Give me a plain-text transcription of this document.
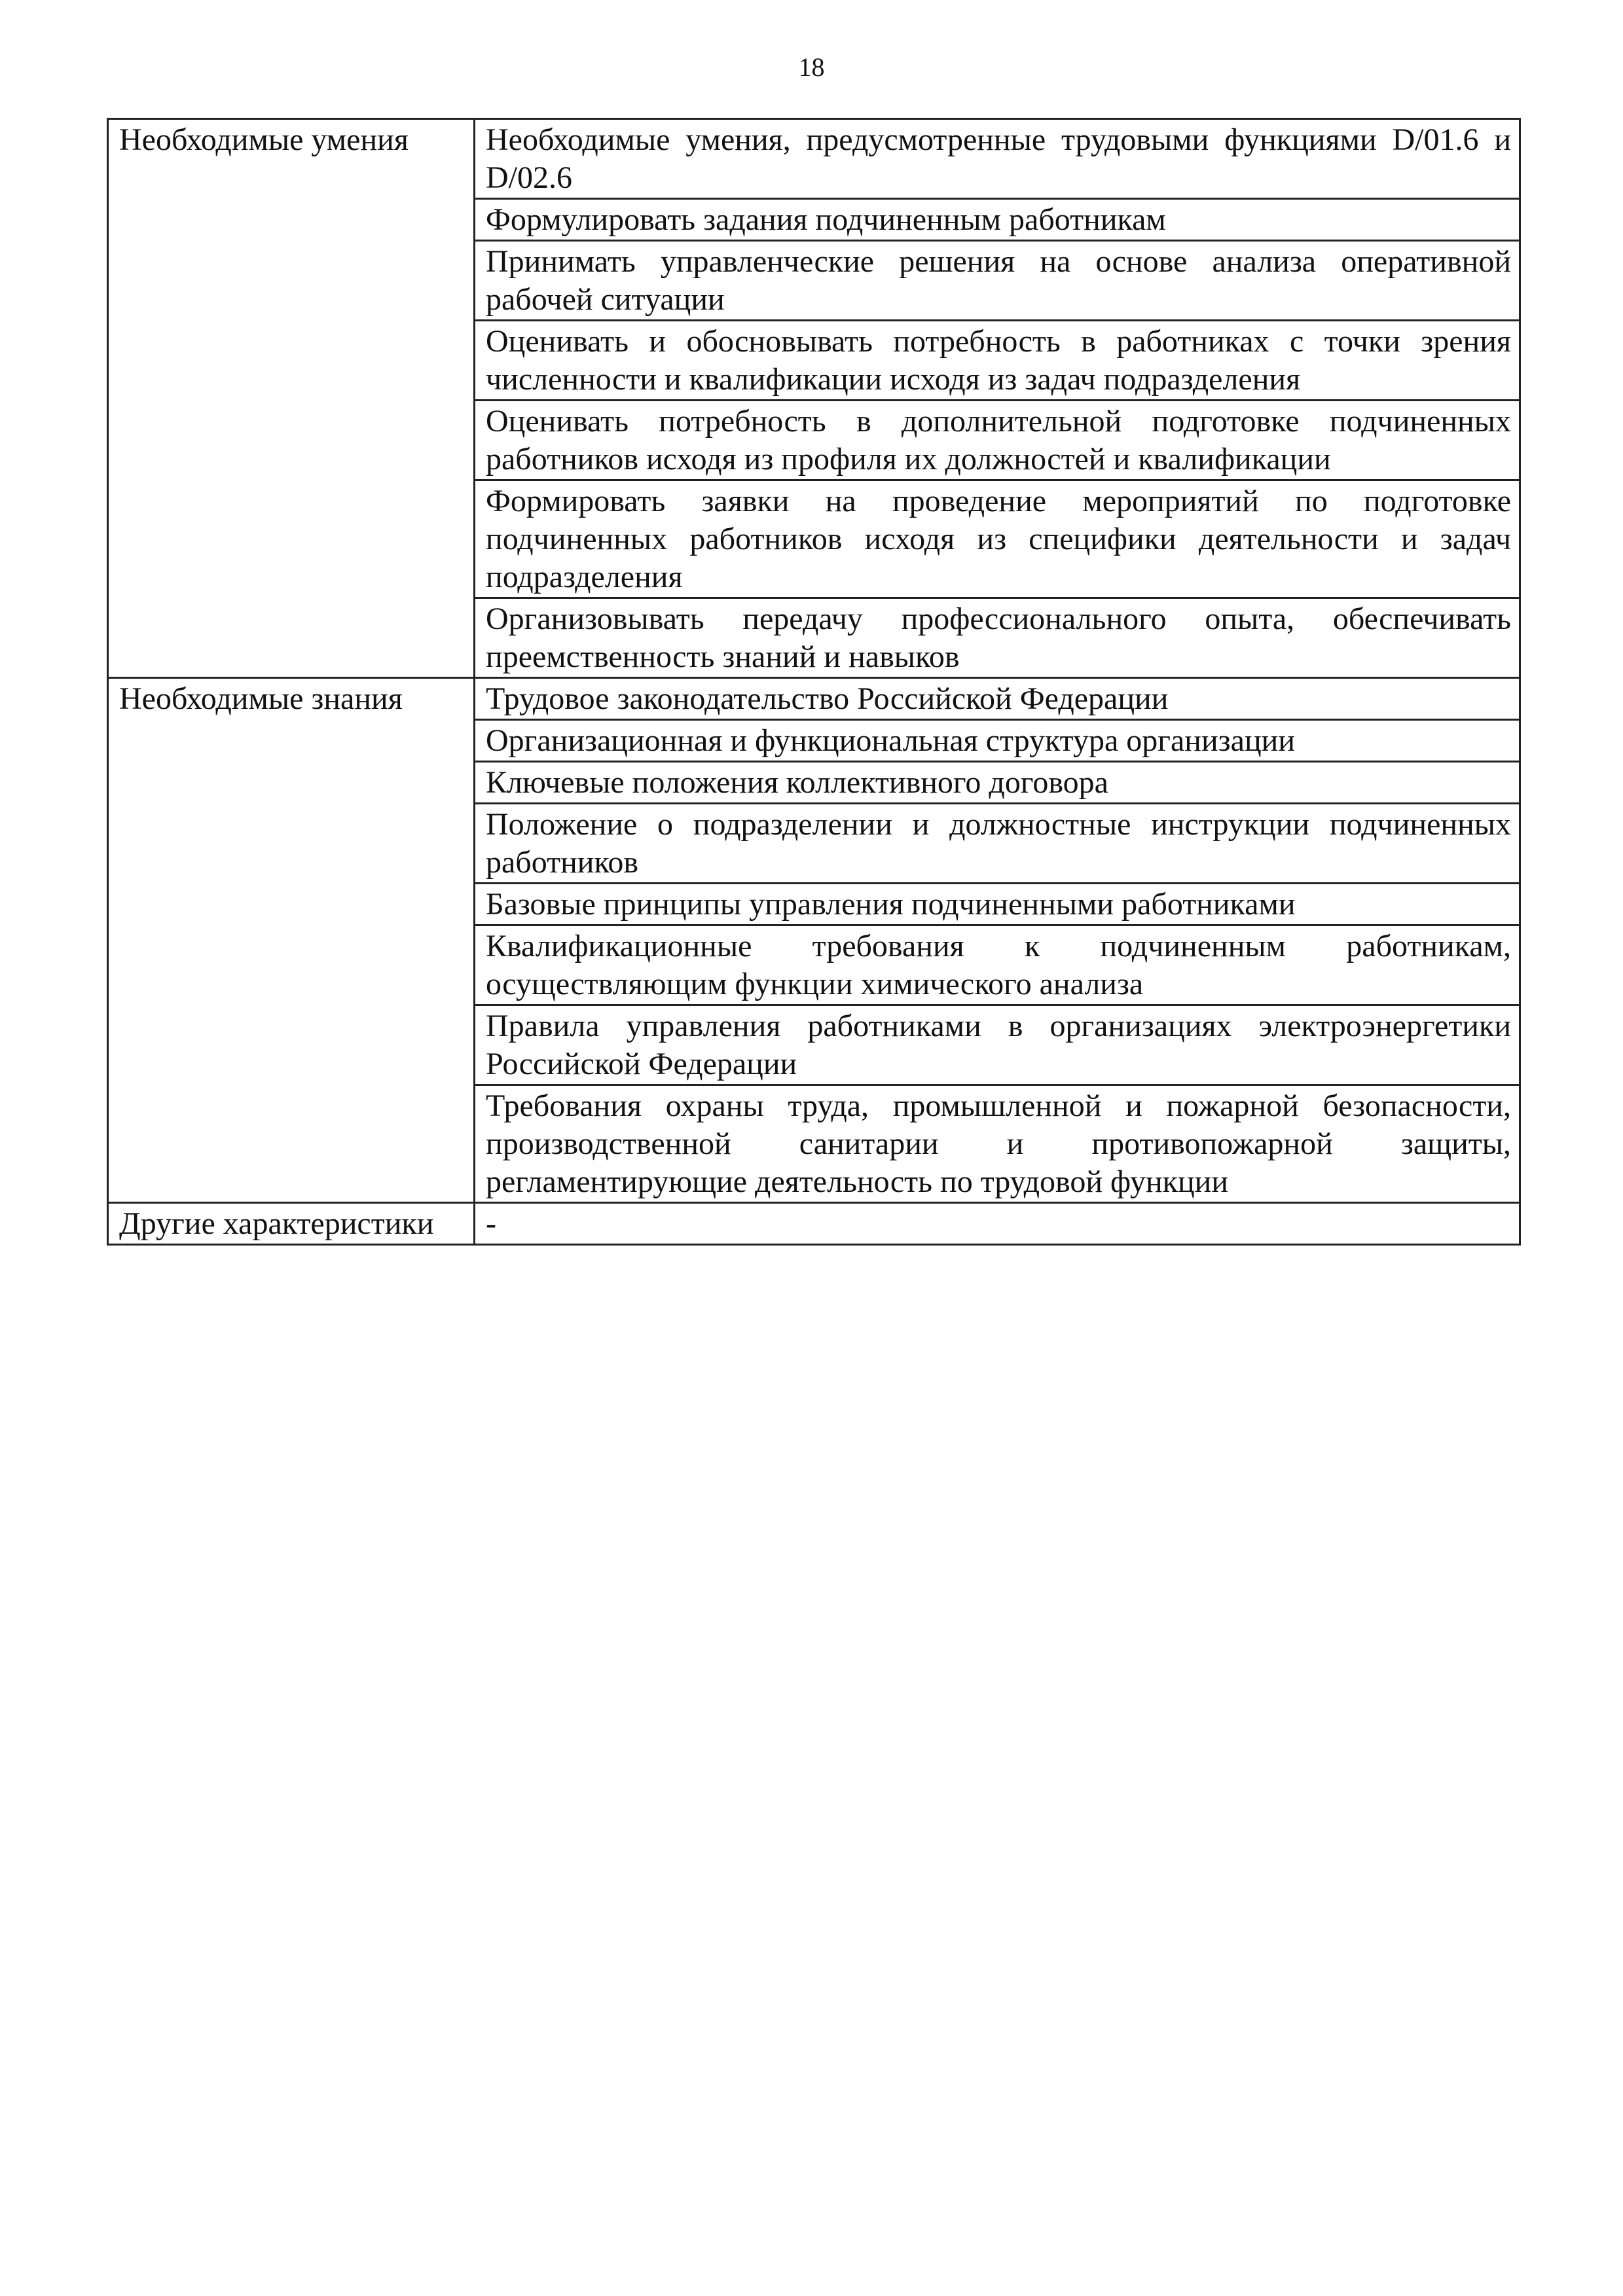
18
Необходимые умения	Необходимые умения, предусмотренные трудовыми функциями D/01.6 и D/02.6
	Формулировать задания подчиненным работникам
	Принимать управленческие решения на основе анализа оперативной рабочей ситуации
	Оценивать и обосновывать потребность в работниках с точки зрения численности и квалификации исходя из задач подразделения
	Оценивать потребность в дополнительной подготовке подчиненных работников исходя из профиля их должностей и квалификации
	Формировать заявки на проведение мероприятий по подготовке подчиненных работников исходя из специфики деятельности и задач подразделения
	Организовывать передачу профессионального опыта, обеспечивать преемственность знаний и навыков
Необходимые знания	Трудовое законодательство Российской Федерации
	Организационная и функциональная структура организации
	Ключевые положения коллективного договора
	Положение о подразделении и должностные инструкции подчиненных работников
	Базовые принципы управления подчиненными работниками
	Квалификационные требования к подчиненным работникам, осуществляющим функции химического анализа
	Правила управления работниками в организациях электроэнергетики Российской Федерации
	Требования охраны труда, промышленной и пожарной безопасности, производственной санитарии и противопожарной защиты, регламентирующие деятельность по трудовой функции
Другие характеристики	-
